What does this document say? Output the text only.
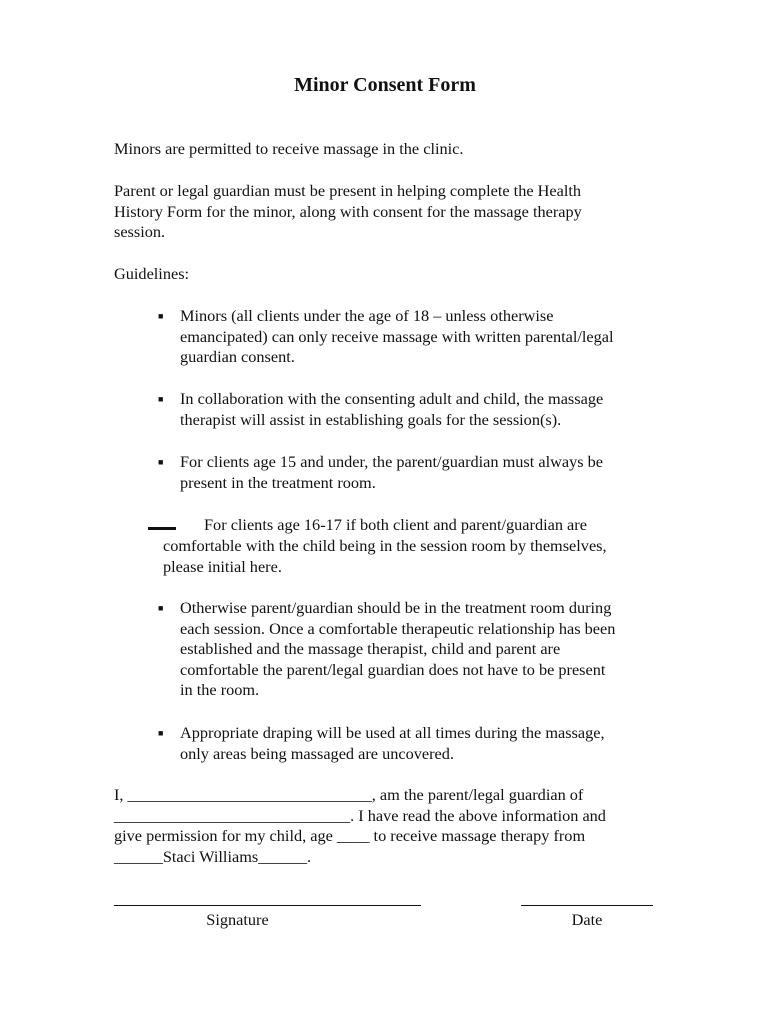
Minor Consent Form
Minors are permitted to receive massage in the clinic.
Parent or legal guardian must be present in helping complete the Health
History Form for the minor, along with consent for the massage therapy
session.
Guidelines:
■	Minors (all clients under the age of 18 – unless otherwise
emancipated) can only receive massage with written parental/legal
guardian consent.
■	In collaboration with the consenting adult and child, the massage
therapist will assist in establishing goals for the session(s).
■	For clients age 15 and under, the parent/guardian must always be
present in the treatment room.
For clients age 16-17 if both client and parent/guardian are
comfortable with the child being in the session room by themselves,
please initial here.
■	Otherwise parent/guardian should be in the treatment room during
each session. Once a comfortable therapeutic relationship has been
established and the massage therapist, child and parent are
comfortable the parent/legal guardian does not have to be present
in the room.
■	Appropriate draping will be used at all times during the massage,
only areas being massaged are uncovered.
I, ______________________________, am the parent/legal guardian of
_____________________________. I have read the above information and
give permission for my child, age ____ to receive massage therapy from
______Staci Williams______.
Signature	Date
